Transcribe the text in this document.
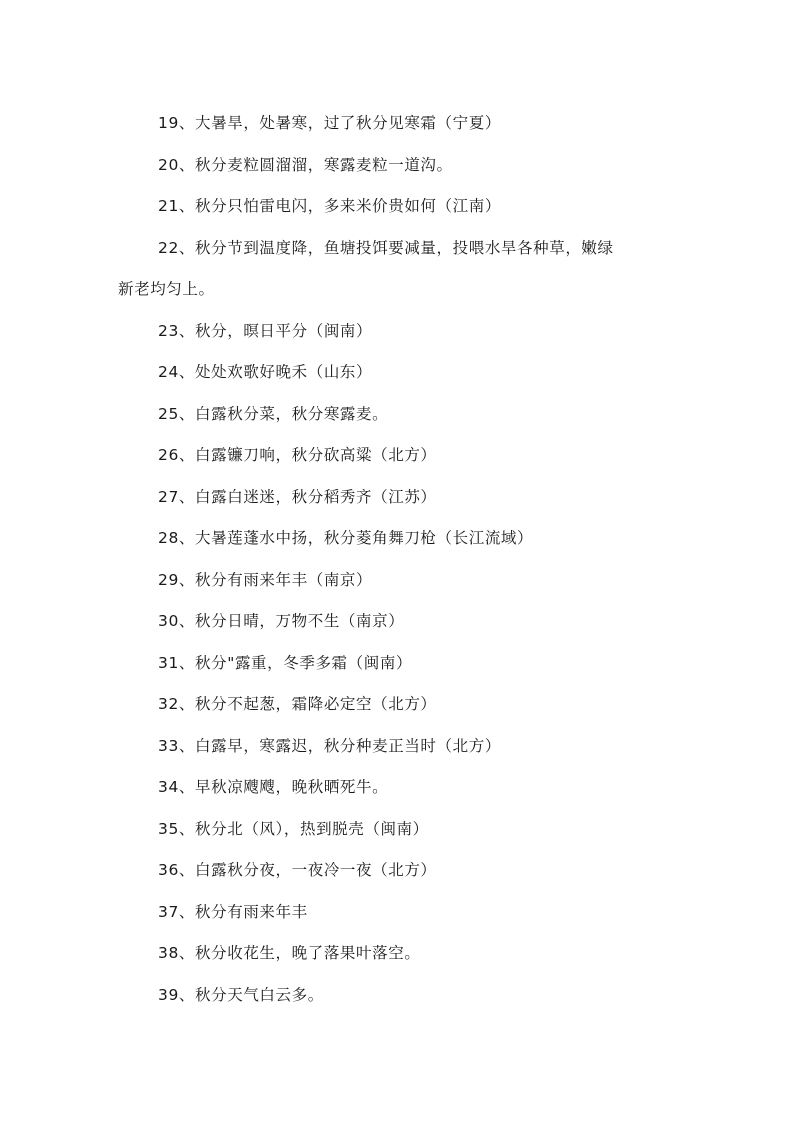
19、大暑旱，处暑寒，过了秋分见寒霜（宁夏）
20、秋分麦粒圆溜溜，寒露麦粒一道沟。
21、秋分只怕雷电闪，多来米价贵如何（江南）
22、秋分节到温度降，鱼塘投饵要减量，投喂水旱各种草，嫩绿
新老均匀上。
23、秋分，暝日平分（闽南）
24、处处欢歌好晚禾（山东）
25、白露秋分菜，秋分寒露麦。
26、白露镰刀响，秋分砍高粱（北方）
27、白露白迷迷，秋分稻秀齐（江苏）
28、大暑莲蓬水中扬，秋分菱角舞刀枪（长江流域）
29、秋分有雨来年丰（南京）
30、秋分日晴，万物不生（南京）
31、秋分"露重，冬季多霜（闽南）
32、秋分不起葱，霜降必定空（北方）
33、白露早，寒露迟，秋分种麦正当时（北方）
34、早秋凉飕飕，晚秋晒死牛。
35、秋分北（风），热到脱壳（闽南）
36、白露秋分夜，一夜冷一夜（北方）
37、秋分有雨来年丰
38、秋分收花生，晚了落果叶落空。
39、秋分天气白云多。
